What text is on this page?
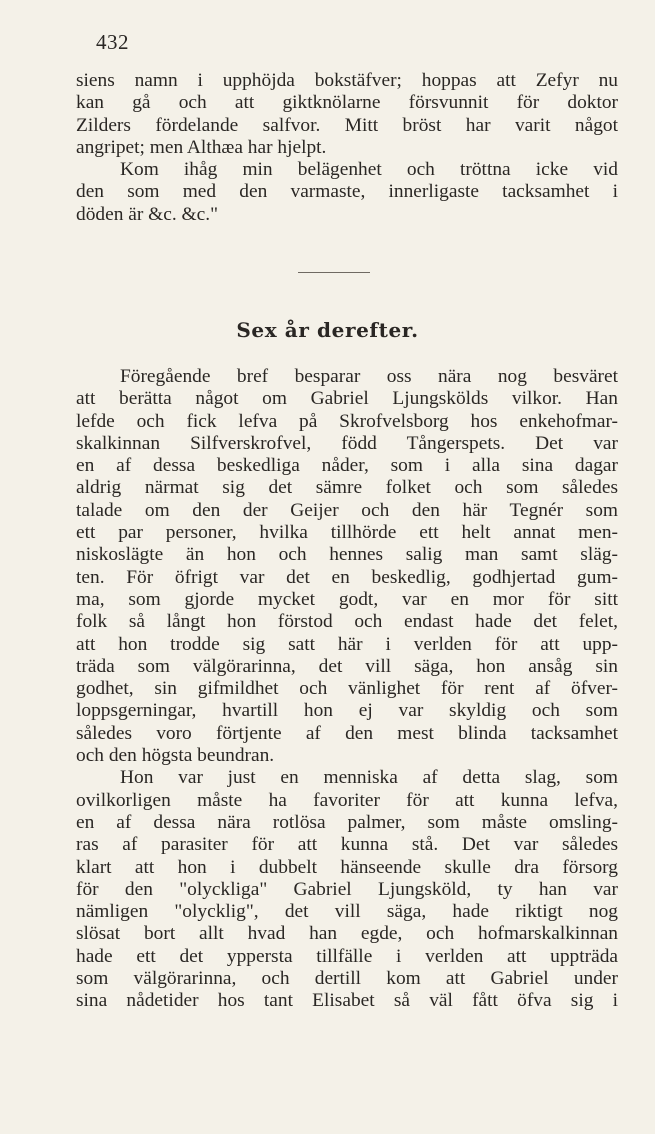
432
siens namn i upphöjda bokstäfver; hoppas att Zefyr nu
kan gå och att giktknölarne försvunnit för doktor
Zilders fördelande salfvor. Mitt bröst har varit något
angripet; men Althæa har hjelpt.
Kom ihåg min belägenhet och tröttna icke vid
den som med den varmaste, innerligaste tacksamhet i
döden är &c. &c."
Sex år derefter.
Föregående bref besparar oss nära nog besväret
att berätta något om Gabriel Ljungskölds vilkor. Han
lefde och fick lefva på Skrofvelsborg hos enkehofmar-
skalkinnan Silfverskrofvel, född Tångerspets. Det var
en af dessa beskedliga nåder, som i alla sina dagar
aldrig närmat sig det sämre folket och som således
talade om den der Geijer och den här Tegnér som
ett par personer, hvilka tillhörde ett helt annat men-
niskoslägte än hon och hennes salig man samt släg-
ten. För öfrigt var det en beskedlig, godhjertad gum-
ma, som gjorde mycket godt, var en mor för sitt
folk så långt hon förstod och endast hade det felet,
att hon trodde sig satt här i verlden för att upp-
träda som välgörarinna, det vill säga, hon ansåg sin
godhet, sin gifmildhet och vänlighet för rent af öfver-
loppsgerningar, hvartill hon ej var skyldig och som
således voro förtjente af den mest blinda tacksamhet
och den högsta beundran.
Hon var just en menniska af detta slag, som
ovilkorligen måste ha favoriter för att kunna lefva,
en af dessa nära rotlösa palmer, som måste omsling-
ras af parasiter för att kunna stå. Det var således
klart att hon i dubbelt hänseende skulle dra försorg
för den "olyckliga" Gabriel Ljungsköld, ty han var
nämligen "olycklig", det vill säga, hade riktigt nog
slösat bort allt hvad han egde, och hofmarskalkinnan
hade ett det yppersta tillfälle i verlden att uppträda
som välgörarinna, och dertill kom att Gabriel under
sina nådetider hos tant Elisabet så väl fått öfva sig i
